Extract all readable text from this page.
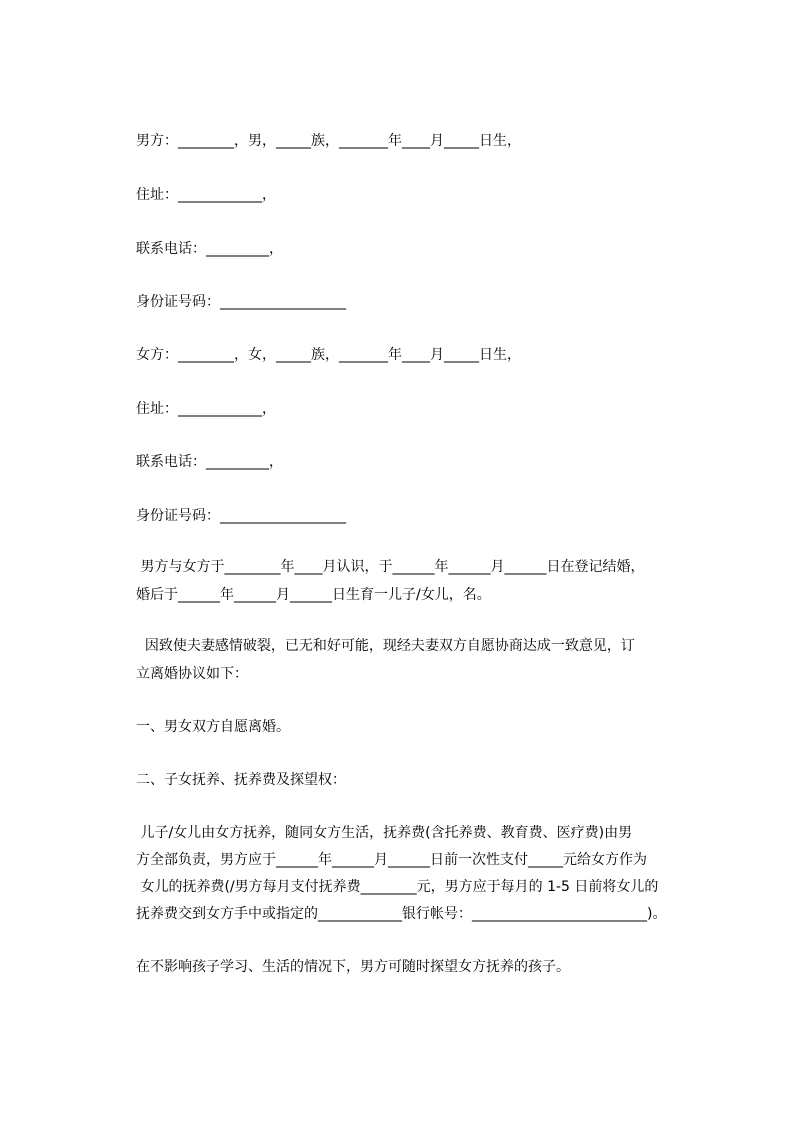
男方：________，男，_____族，_______年____月_____日生，
住址：____________，
联系电话：_________，
身份证号码：__________________
女方：________，女，_____族，_______年____月_____日生，
住址：____________，
联系电话：_________，
身份证号码：__________________
男方与女方于________年____月认识，于______年______月______日在登记结婚，
婚后于______年______月______日生育一儿子/女儿，名。
因致使夫妻感情破裂，已无和好可能，现经夫妻双方自愿协商达成一致意见，订
立离婚协议如下：
一、男女双方自愿离婚。
二、子女抚养、抚养费及探望权：
儿子/女儿由女方抚养，随同女方生活，抚养费(含托养费、教育费、医疗费)由男
方全部负责，男方应于______年______月______日前一次性支付_____元给女方作为
女儿的抚养费(/男方每月支付抚养费________元，男方应于每月的 1-5 日前将女儿的
抚养费交到女方手中或指定的____________银行帐号：_________________________)。
在不影响孩子学习、生活的情况下，男方可随时探望女方抚养的孩子。
